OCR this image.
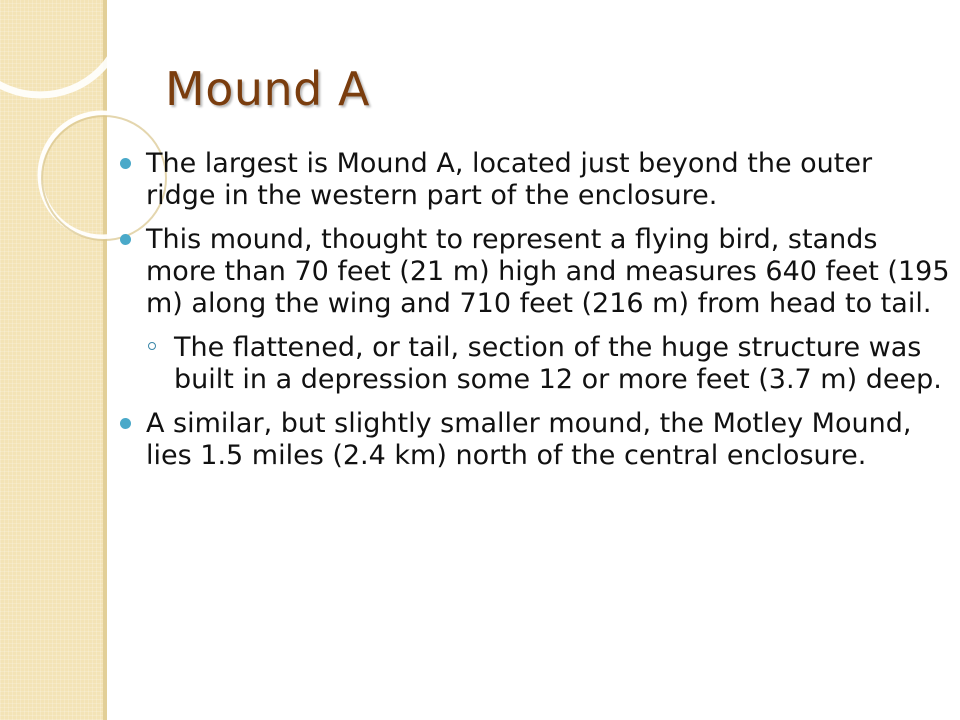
Mound A
The largest is Mound A, located just beyond the outer ridge in the western part of the enclosure.
This mound, thought to represent a flying bird, stands more than 70 feet (21 m) high and measures 640 feet (195 m) along the wing and 710 feet (216 m) from head to tail.
The flattened, or tail, section of the huge structure was built in a depression some 12 or more feet (3.7 m) deep.
A similar, but slightly smaller mound, the Motley Mound, lies 1.5 miles (2.4 km) north of the central enclosure.
